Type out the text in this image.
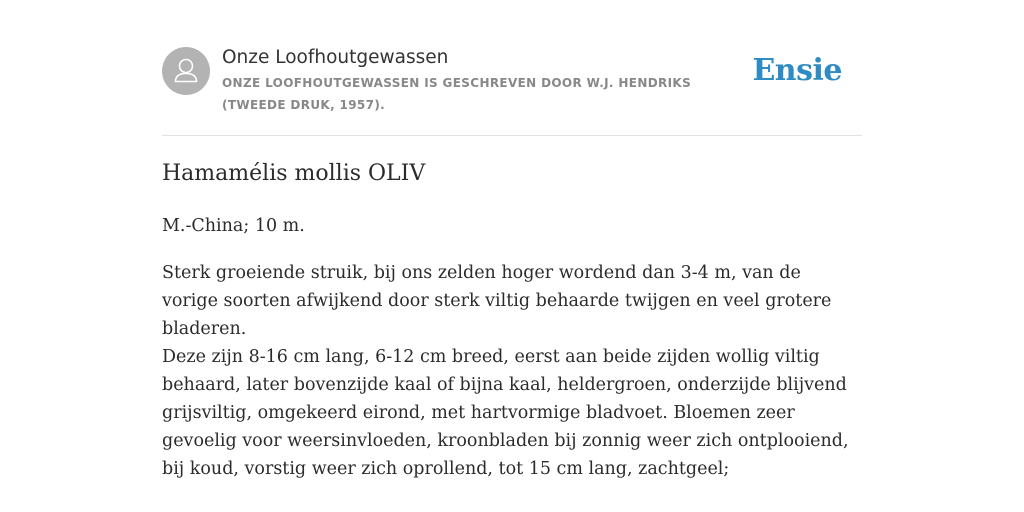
Onze Loofhoutgewassen
ONZE LOOFHOUTGEWASSEN IS GESCHREVEN DOOR W.J. HENDRIKS (TWEEDE DRUK, 1957).
Ensie
Hamamélis mollis OLIV

M.-China; 10 m.

Sterk groeiende struik, bij ons zelden hoger wordend dan 3-4 m, van de vorige soorten afwijkend door sterk viltig behaarde twijgen en veel grotere bladeren.

Deze zijn 8-16 cm lang, 6-12 cm breed, eerst aan beide zijden wollig viltig behaard, later bovenzijde kaal of bijna kaal, heldergroen, onderzijde blijvend grijsviltig, omgekeerd eirond, met hartvormige bladvoet. Bloemen zeer gevoelig voor weersinvloeden, kroonbladen bij zonnig weer zich ontplooiend, bij koud, vorstig weer zich oprollend, tot 15 cm lang, zachtgeel;
